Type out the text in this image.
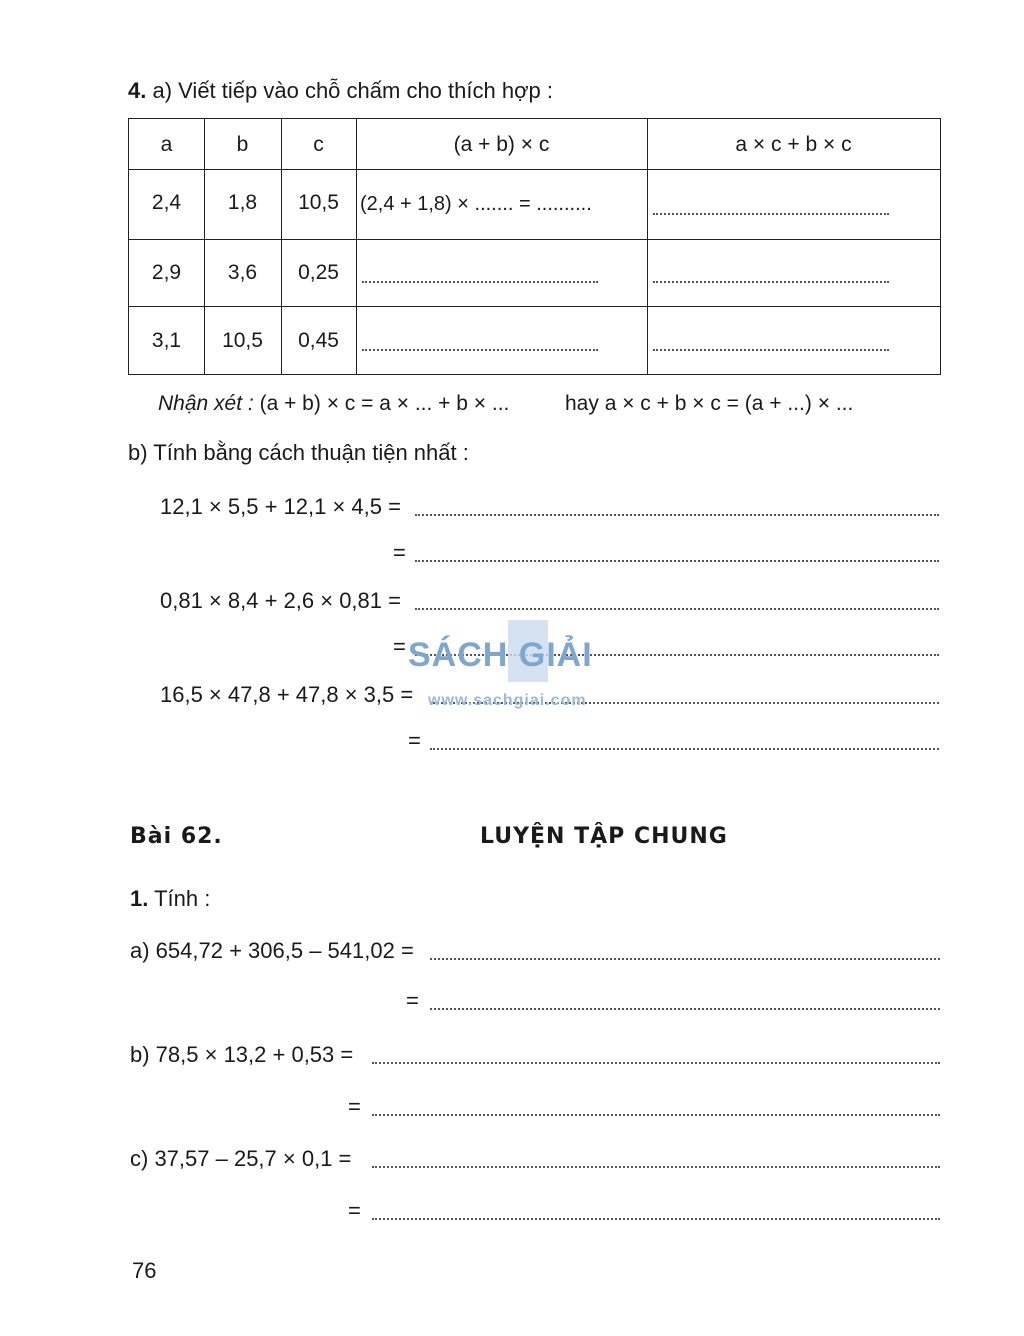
4. a) Viết tiếp vào chỗ chấm cho thích hợp :
a	b	c	(a + b) × c	a × c + b × c
2,4	1,8	10,5	(2,4 + 1,8) × ....... = ..........
2,9	3,6	0,25
3,1	10,5	0,45
Nhận xét : (a + b) × c = a × ... + b × ...	hay a × c + b × c = (a + ...) × ...
b) Tính bằng cách thuận tiện nhất :
12,1 × 5,5 + 12,1 × 4,5 =
=
0,81 × 8,4 + 2,6 × 0,81 =
=
16,5 × 47,8 + 47,8 × 3,5 =
=
SÁCH GIẢI
www.sachgiai.com
Bài 62.	LUYỆN TẬP CHUNG
1. Tính :
a) 654,72 + 306,5 – 541,02 =
=
b) 78,5 × 13,2 + 0,53 =
=
c) 37,57 – 25,7 × 0,1 =
=
76
